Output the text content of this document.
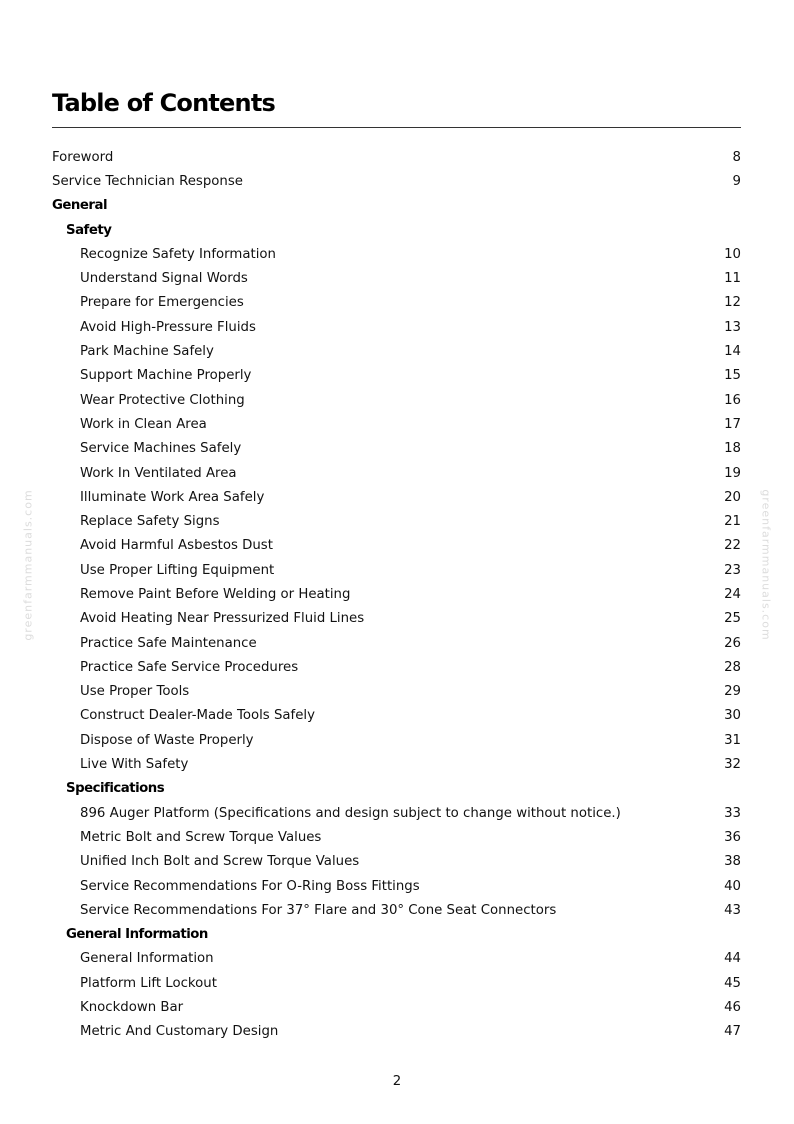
Table of Contents
Foreword	8
Service Technician Response	9
General
Safety
Recognize Safety Information	10
Understand Signal Words	11
Prepare for Emergencies	12
Avoid High-Pressure Fluids	13
Park Machine Safely	14
Support Machine Properly	15
Wear Protective Clothing	16
Work in Clean Area	17
Service Machines Safely	18
Work In Ventilated Area	19
Illuminate Work Area Safely	20
Replace Safety Signs	21
Avoid Harmful Asbestos Dust	22
Use Proper Lifting Equipment	23
Remove Paint Before Welding or Heating	24
Avoid Heating Near Pressurized Fluid Lines	25
Practice Safe Maintenance	26
Practice Safe Service Procedures	28
Use Proper Tools	29
Construct Dealer-Made Tools Safely	30
Dispose of Waste Properly	31
Live With Safety	32
Specifications
896 Auger Platform (Specifications and design subject to change without notice.)	33
Metric Bolt and Screw Torque Values	36
Unified Inch Bolt and Screw Torque Values	38
Service Recommendations For O-Ring Boss Fittings	40
Service Recommendations For 37° Flare and 30° Cone Seat Connectors	43
General Information
General Information	44
Platform Lift Lockout	45
Knockdown Bar	46
Metric And Customary Design	47
2
greenfarmmanuals.com	greenfarmmanuals.com
